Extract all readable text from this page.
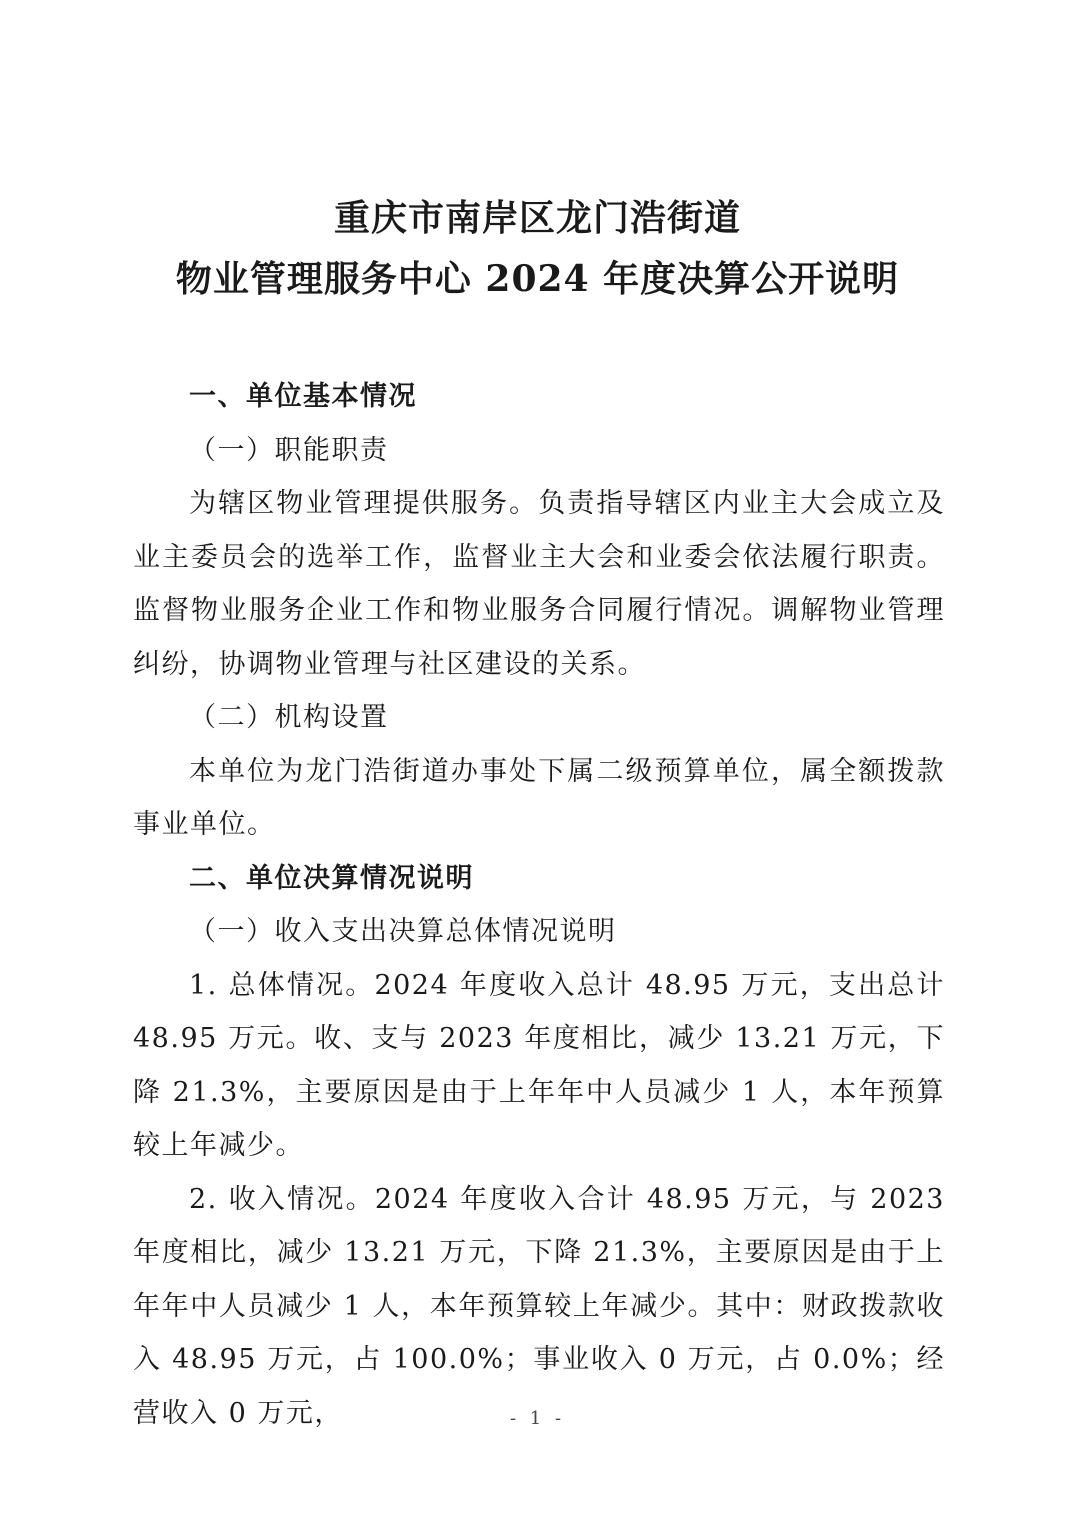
重庆市南岸区龙门浩街道
物业管理服务中心 2024 年度决算公开说明

一、单位基本情况

（一）职能职责

为辖区物业管理提供服务。负责指导辖区内业主大会成立及业主委员会的选举工作，监督业主大会和业委会依法履行职责。监督物业服务企业工作和物业服务合同履行情况。调解物业管理纠纷，协调物业管理与社区建设的关系。

（二）机构设置

本单位为龙门浩街道办事处下属二级预算单位，属全额拨款事业单位。

二、单位决算情况说明

（一）收入支出决算总体情况说明

1. 总体情况。2024 年度收入总计 48.95 万元，支出总计 48.95 万元。收、支与 2023 年度相比，减少 13.21 万元，下降 21.3%，主要原因是由于上年年中人员减少 1 人，本年预算较上年减少。

2. 收入情况。2024 年度收入合计 48.95 万元，与 2023 年度相比，减少 13.21 万元，下降 21.3%，主要原因是由于上年年中人员减少 1 人，本年预算较上年减少。其中：财政拨款收入 48.95 万元，占 100.0%；事业收入 0 万元，占 0.0%；经营收入 0 万元，	- 1 -
